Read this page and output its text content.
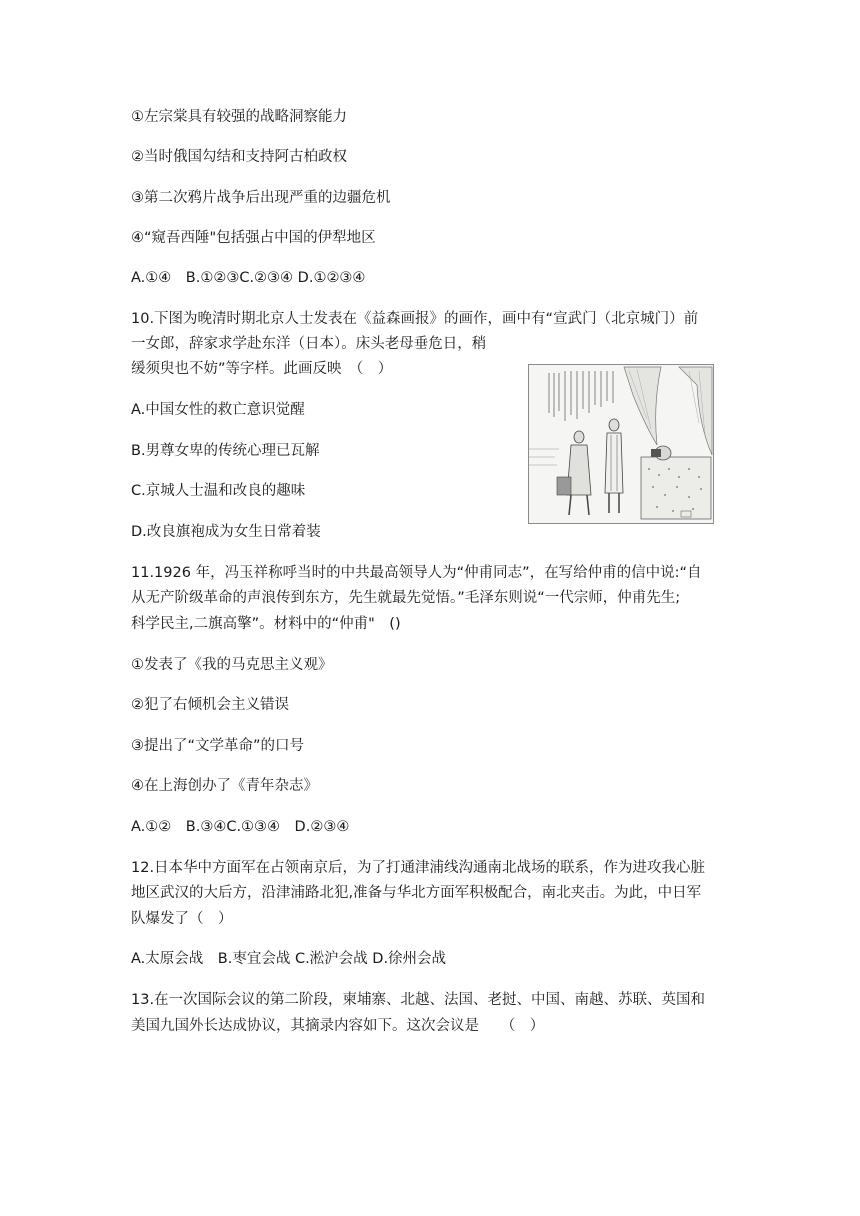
①左宗棠具有较强的战略洞察能力
②当时俄国勾结和支持阿古柏政权
③第二次鸦片战争后出现严重的边疆危机
④“窥吾西陲"包括强占中国的伊犁地区
A.①④　B.①②③C.②③④ D.①②③④
10.下图为晚清时期北京人士发表在《益森画报》的画作，画中有“宣武门（北京城门）前
一女郎，辞家求学赴东洋（日本）。床头老母垂危日，稍
缓须臾也不妨”等字样。此画反映　（　）
A.中国女性的救亡意识觉醒
B.男尊女卑的传统心理已瓦解
C.京城人士温和改良的趣味
D.改良旗袍成为女生日常着装
11.1926 年，冯玉祥称呼当时的中共最高领导人为“仲甫同志”，在写给仲甫的信中说:“自
从无产阶级革命的声浪传到东方，先生就最先觉悟。”毛泽东则说“一代宗师，仲甫先生;
科学民主,二旗高擎”。材料中的“仲甫"　()
①发表了《我的马克思主义观》
②犯了右倾机会主义错误
③提出了“文学革命”的口号
④在上海创办了《青年杂志》
A.①②　B.③④C.①③④　D.②③④
12.日本华中方面军在占领南京后，为了打通津浦线沟通南北战场的联系，作为进攻我心脏
地区武汉的大后方，沿津浦路北犯,准备与华北方面军积极配合，南北夹击。为此，中日军
队爆发了（　）
A.太原会战　B.枣宜会战 C.淞沪会战 D.徐州会战
13.在一次国际会议的第二阶段，柬埔寨、北越、法国、老挝、中国、南越、苏联、英国和
美国九国外长达成协议，其摘录内容如下。这次会议是　　（　）
